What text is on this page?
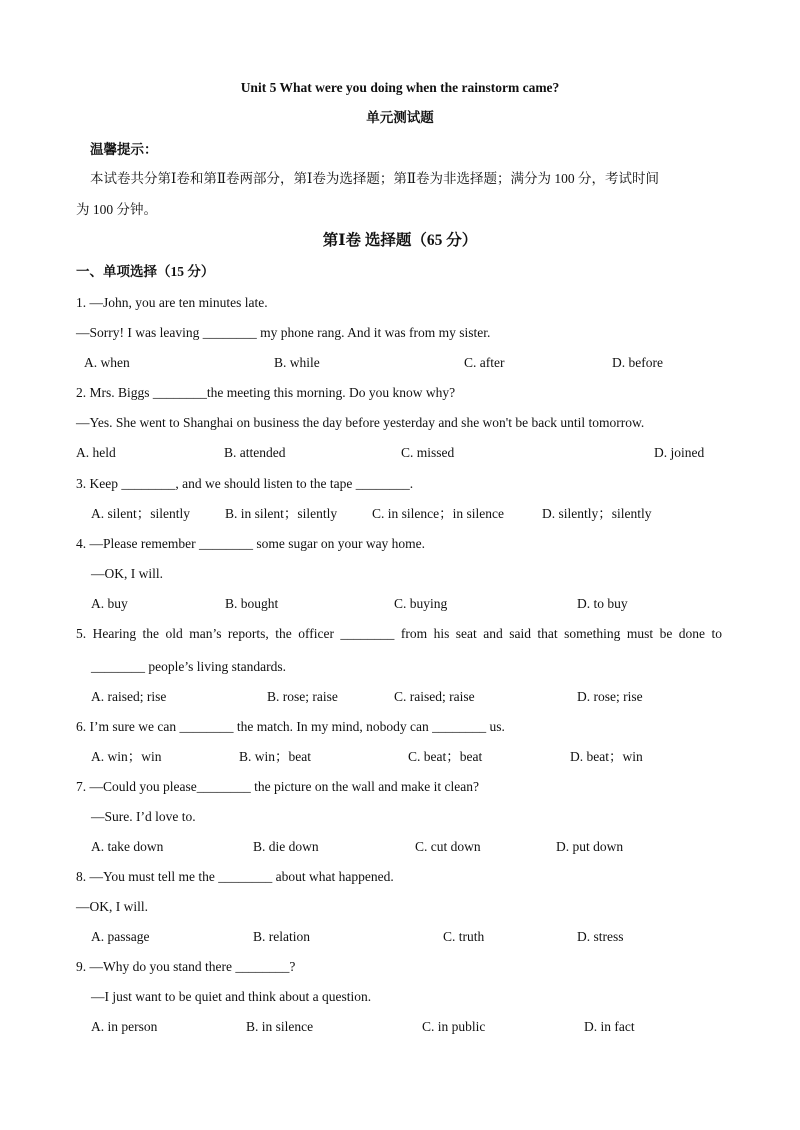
Unit 5 What were you doing when the rainstorm came?
单元测试题
温馨提示：
本试卷共分第Ⅰ卷和第Ⅱ卷两部分，第Ⅰ卷为选择题；第Ⅱ卷为非选择题；满分为 100 分，考试时间
为 100 分钟。
第Ⅰ卷 选择题（65 分）
一、单项选择（15 分）
1. —John, you are ten minutes late.
—Sorry! I was leaving ________ my phone rang. And it was from my sister.
A. when	B. while	C. after	D. before
2. Mrs. Biggs ________the meeting this morning. Do you know why?
—Yes. She went to Shanghai on business the day before yesterday and she won't be back until tomorrow.
A. held	B. attended	C. missed	D. joined
3. Keep ________, and we should listen to the tape ________.
A. silent；silently	B. in silent；silently	C. in silence；in silence	D. silently；silently
4. —Please remember ________ some sugar on your way home.
—OK, I will.
A. buy	B. bought	C. buying	D. to buy
5. Hearing the old man’s reports, the officer ________ from his seat and said that something must be done to
________ people’s living standards.
A. raised; rise	B. rose; raise	C. raised; raise	D. rose; rise
6. I’m sure we can ________ the match. In my mind, nobody can ________ us.
A. win；win	B. win；beat	C. beat；beat	D. beat；win
7. —Could you please________ the picture on the wall and make it clean?
—Sure. I’d love to.
A. take down	B. die down	C. cut down	D. put down
8. —You must tell me the ________ about what happened.
—OK, I will.
A. passage	B. relation	C. truth	D. stress
9. —Why do you stand there ________?
—I just want to be quiet and think about a question.
A. in person	B. in silence	C. in public	D. in fact
